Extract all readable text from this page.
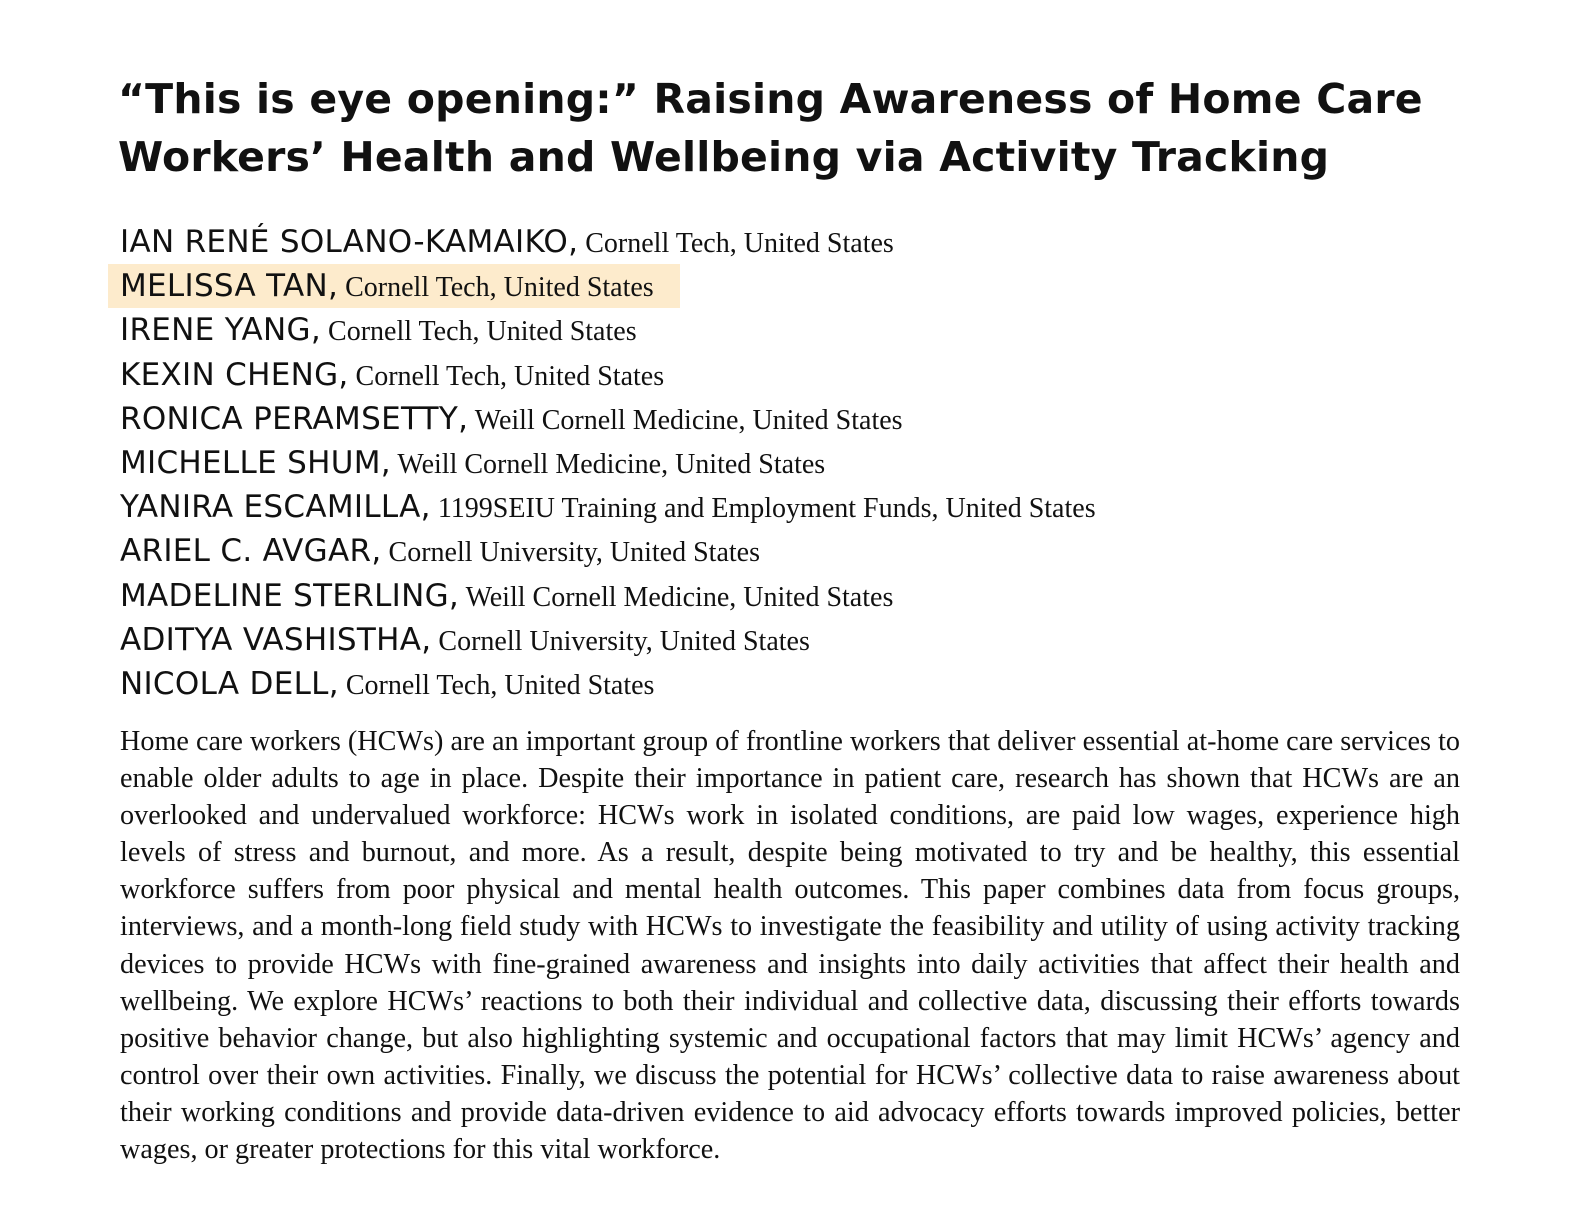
“This is eye opening:” Raising Awareness of Home Care Workers’ Health and Wellbeing via Activity Tracking
IAN RENÉ SOLANO-KAMAIKO, Cornell Tech, United States
MELISSA TAN, Cornell Tech, United States
IRENE YANG, Cornell Tech, United States
KEXIN CHENG, Cornell Tech, United States
RONICA PERAMSETTY, Weill Cornell Medicine, United States
MICHELLE SHUM, Weill Cornell Medicine, United States
YANIRA ESCAMILLA, 1199SEIU Training and Employment Funds, United States
ARIEL C. AVGAR, Cornell University, United States
MADELINE STERLING, Weill Cornell Medicine, United States
ADITYA VASHISTHA, Cornell University, United States
NICOLA DELL, Cornell Tech, United States

Home care workers (HCWs) are an important group of frontline workers that deliver essential at-home care services to enable older adults to age in place. Despite their importance in patient care, research has shown that HCWs are an overlooked and undervalued workforce: HCWs work in isolated conditions, are paid low wages, experience high levels of stress and burnout, and more. As a result, despite being motivated to try and be healthy, this essential workforce suffers from poor physical and mental health outcomes. This paper combines data from focus groups, interviews, and a month-long field study with HCWs to investigate the feasibility and utility of using activity tracking devices to provide HCWs with fine-grained awareness and insights into daily activities that affect their health and wellbeing. We explore HCWs’ reactions to both their individual and collective data, discussing their efforts towards positive behavior change, but also highlighting systemic and occupational factors that may limit HCWs’ agency and control over their own activities. Finally, we discuss the potential for HCWs’ collective data to raise awareness about their working conditions and provide data-driven evidence to aid advocacy efforts towards improved policies, better wages, or greater protections for this vital workforce.
